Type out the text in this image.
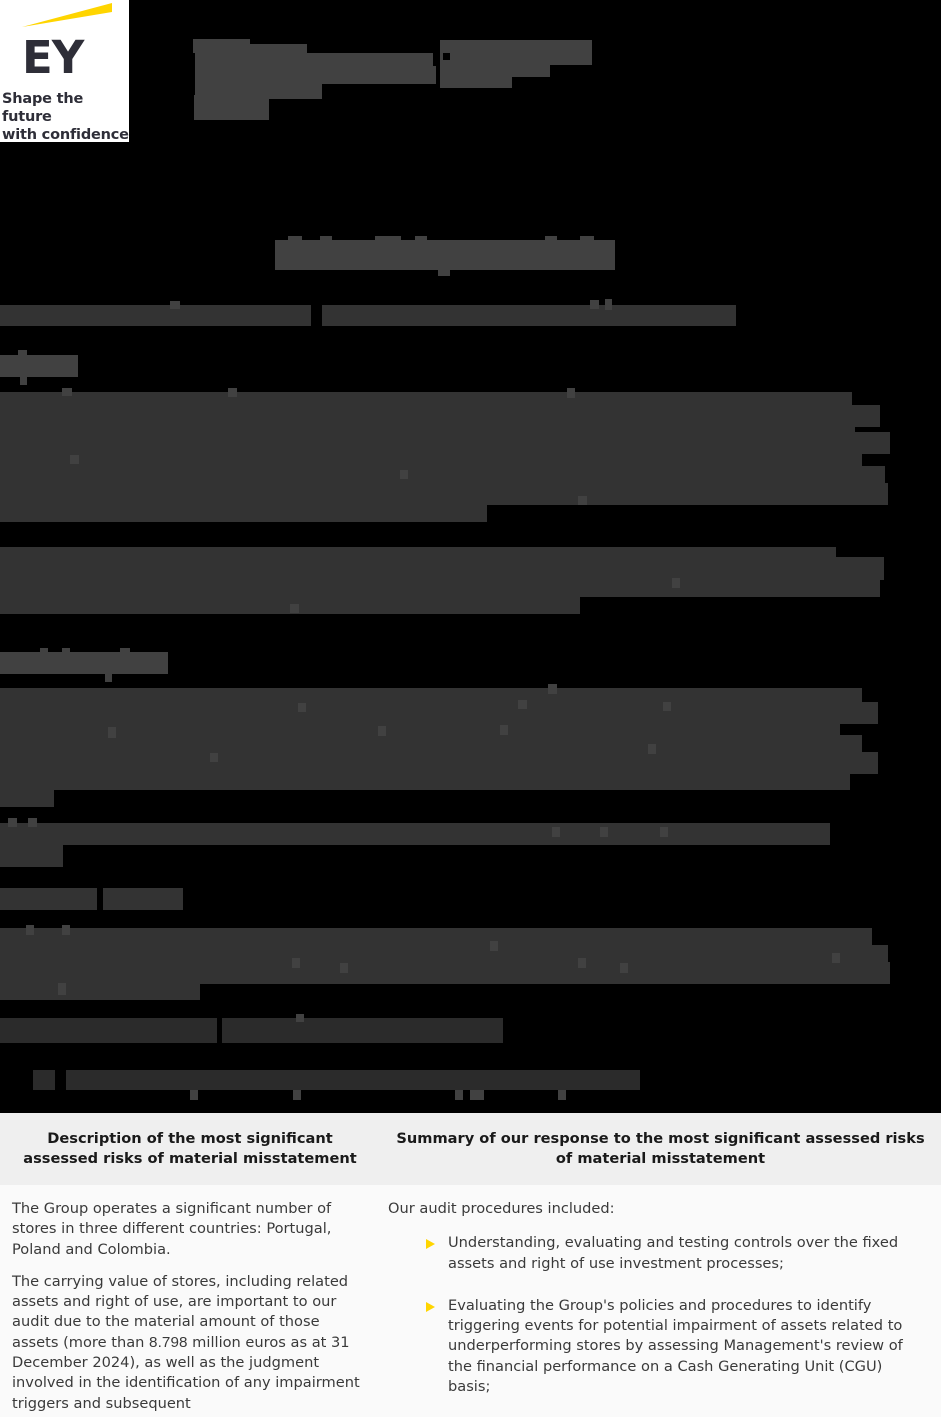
EY
Shape the future
with confidence
Description of the most significant assessed risks of material misstatement
Summary of our response to the most significant assessed risks of material misstatement

The Group operates a significant number of stores in three different countries: Portugal, Poland and Colombia.

The carrying value of stores, including related assets and right of use, are important to our audit due to the material amount of those assets (more than 8.798 million euros as at 31 December 2024), as well as the judgment involved in the identification of any impairment triggers and subsequent

Our audit procedures included:

Understanding, evaluating and testing controls over the fixed assets and right of use investment processes;
Evaluating the Group's policies and procedures to identify triggering events for potential impairment of assets related to underperforming stores by assessing Management's review of the financial performance on a Cash Generating Unit (CGU) basis;
